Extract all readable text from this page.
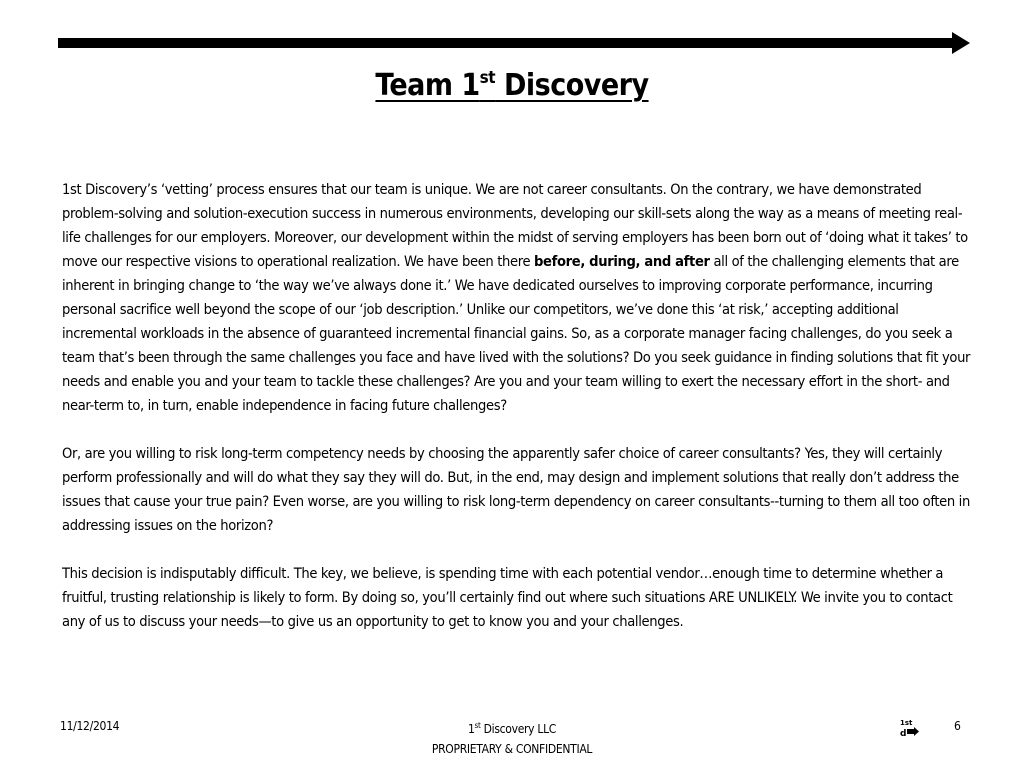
Team 1st Discovery

1st Discovery’s ‘vetting’ process ensures that our team is unique. We are not career consultants. On the contrary, we have demonstrated problem-solving and solution-execution success in numerous environments, developing our skill-sets along the way as a means of meeting real-life challenges for our employers. Moreover, our development within the midst of serving employers has been born out of ‘doing what it takes’ to move our respective visions to operational realization. We have been there before, during, and after all of the challenging elements that are inherent in bringing change to ‘the way we’ve always done it.’ We have dedicated ourselves to improving corporate performance, incurring personal sacrifice well beyond the scope of our ‘job description.’ Unlike our competitors, we’ve done this ‘at risk,’ accepting additional incremental workloads in the absence of guaranteed incremental financial gains. So, as a corporate manager facing challenges, do you seek a team that’s been through the same challenges you face and have lived with the solutions? Do you seek guidance in finding solutions that fit your needs and enable you and your team to tackle these challenges? Are you and your team willing to exert the necessary effort in the short- and near-term to, in turn, enable independence in facing future challenges?

Or, are you willing to risk long-term competency needs by choosing the apparently safer choice of career consultants? Yes, they will certainly perform professionally and will do what they say they will do. But, in the end, may design and implement solutions that really don’t address the issues that cause your true pain? Even worse, are you willing to risk long-term dependency on career consultants--turning to them all too often in addressing issues on the horizon?

This decision is indisputably difficult. The key, we believe, is spending time with each potential vendor…enough time to determine whether a fruitful, trusting relationship is likely to form. By doing so, you’ll certainly find out where such situations ARE UNLIKELY. We invite you to contact any of us to discuss your needs—to give us an opportunity to get to know you and your challenges.

11/12/2014	1st Discovery LLC
PROPRIETARY & CONFIDENTIAL
1st
d
6
